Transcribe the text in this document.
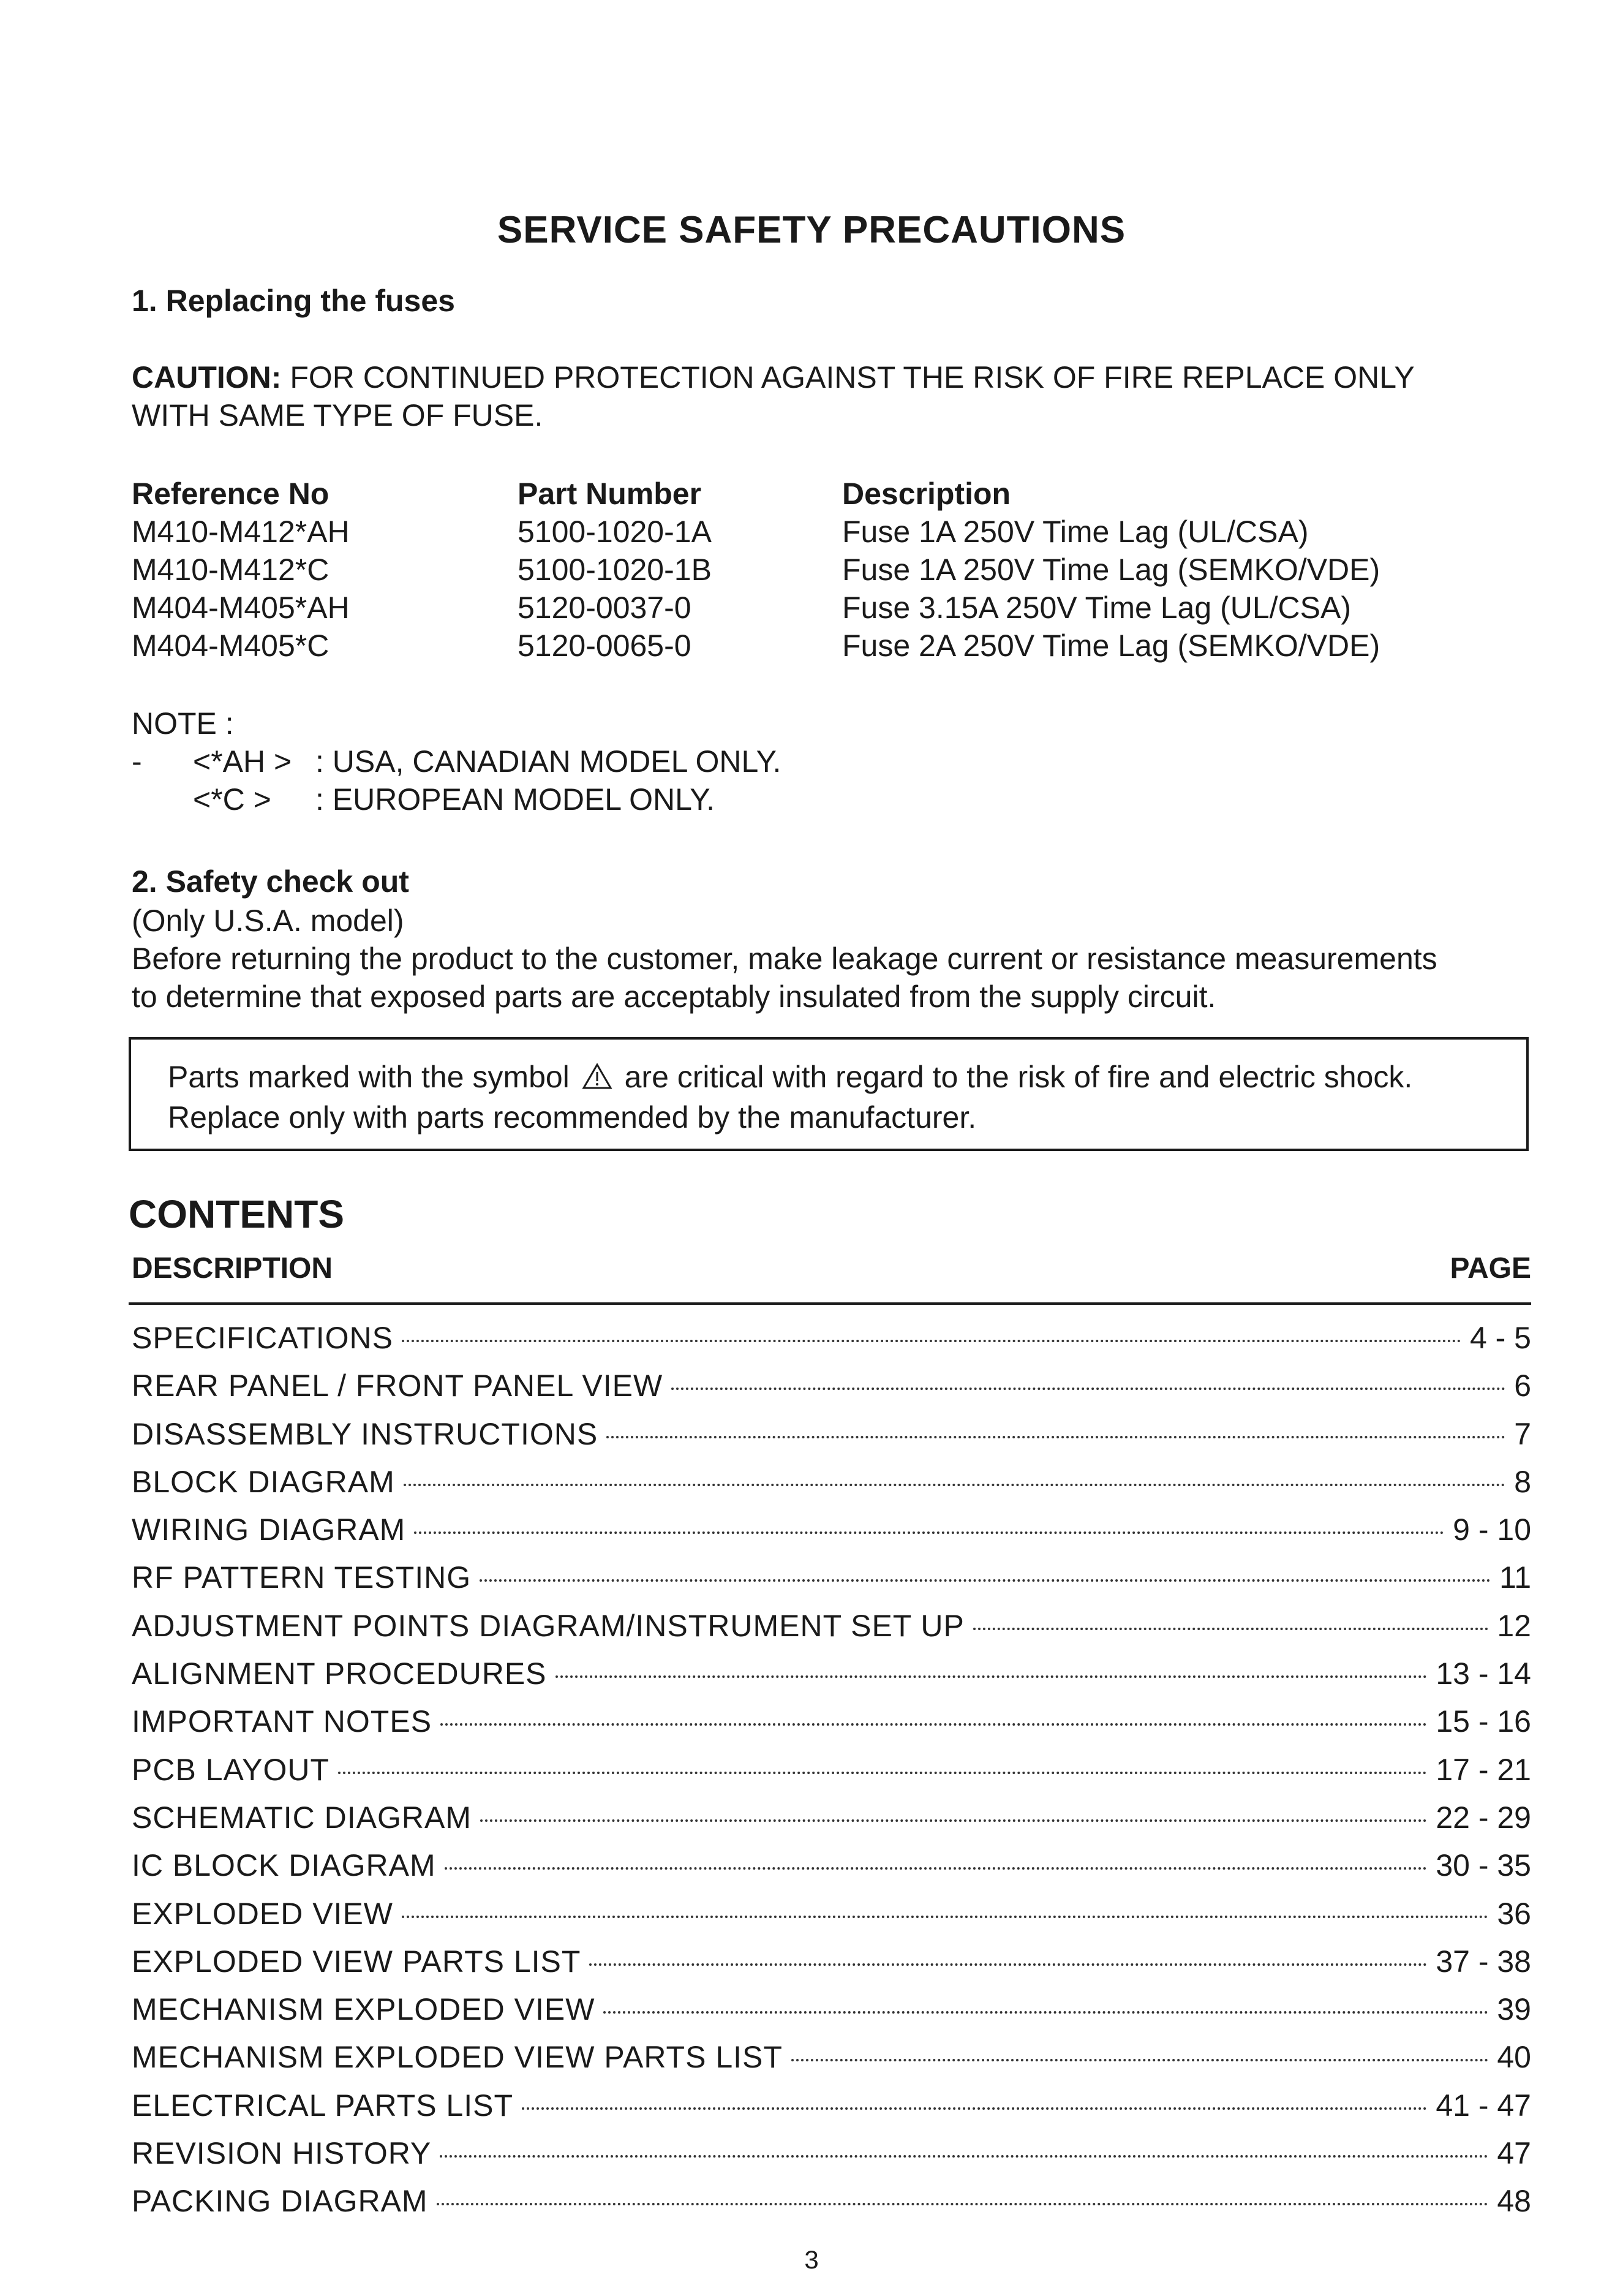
SERVICE SAFETY PRECAUTIONS
1. Replacing the fuses
CAUTION: FOR CONTINUED PROTECTION AGAINST THE RISK OF FIRE REPLACE ONLY
WITH SAME TYPE OF FUSE.
Reference No	Part Number	Description
M410-M412*AH	5100-1020-1A	Fuse 1A 250V Time Lag (UL/CSA)
M410-M412*C	5100-1020-1B	Fuse 1A 250V Time Lag (SEMKO/VDE)
M404-M405*AH	5120-0037-0	Fuse 3.15A 250V Time Lag (UL/CSA)
M404-M405*C	5120-0065-0	Fuse 2A 250V Time Lag (SEMKO/VDE)
NOTE :
-	<*AH >	: USA, CANADIAN MODEL ONLY.
	<*C >	: EUROPEAN MODEL ONLY.
2. Safety check out
(Only U.S.A. model)
Before returning the product to the customer, make leakage current or resistance measurements
to determine that exposed parts are acceptably insulated from the supply circuit.
Parts marked with the symbol are critical with regard to the risk of fire and electric shock.
Replace only with parts recommended by the manufacturer.
CONTENTS
DESCRIPTION	PAGE
SPECIFICATIONS	4 - 5
REAR PANEL / FRONT PANEL VIEW	6
DISASSEMBLY INSTRUCTIONS	7
BLOCK DIAGRAM	8
WIRING DIAGRAM	9 - 10
RF PATTERN TESTING	11
ADJUSTMENT POINTS DIAGRAM/INSTRUMENT SET UP	12
ALIGNMENT PROCEDURES	13 - 14
IMPORTANT NOTES	15 - 16
PCB LAYOUT	17 - 21
SCHEMATIC DIAGRAM	22 - 29
IC BLOCK DIAGRAM	30 - 35
EXPLODED VIEW	36
EXPLODED VIEW PARTS LIST	37 - 38
MECHANISM EXPLODED VIEW	39
MECHANISM EXPLODED VIEW PARTS LIST	40
ELECTRICAL PARTS LIST	41 - 47
REVISION HISTORY	47
PACKING DIAGRAM	48
3
